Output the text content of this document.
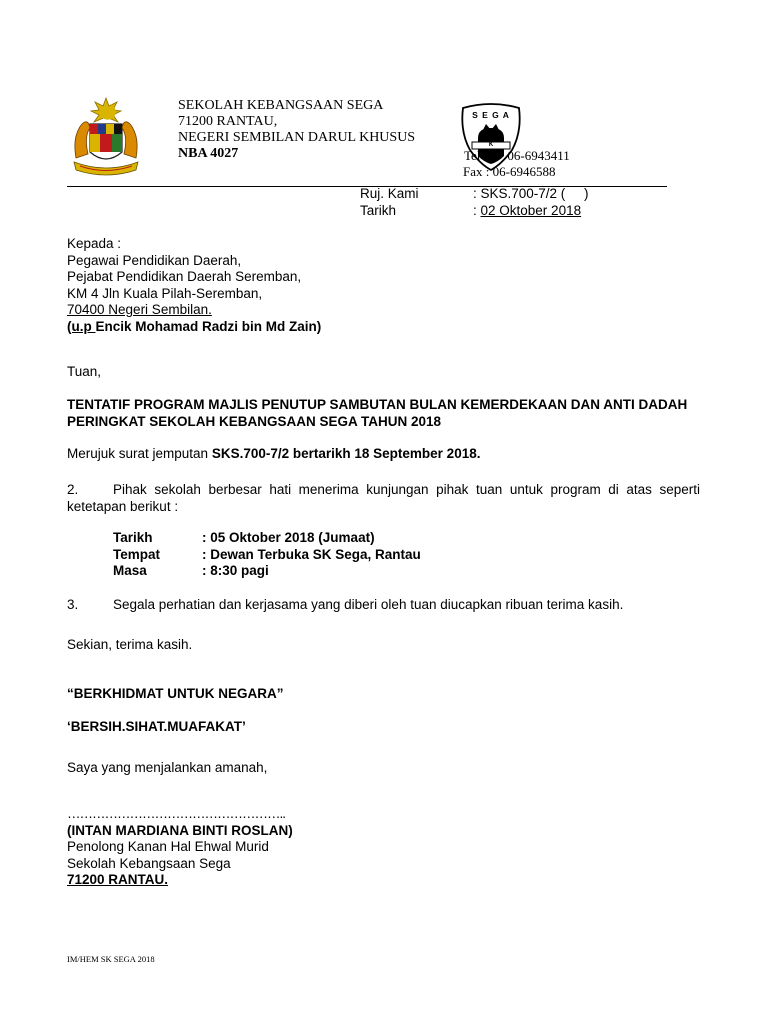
SEKOLAH KEBANGSAAN SEGA
71200 RANTAU,
NEGERI SEMBILAN DARUL KHUSUS
NBA 4027
S E G A
K
Tel 06-6943411
Fax : 06-6946588
Ruj. Kami	: SKS.700-7/2 (     )
Tarikh	: 02 Oktober 2018
Kepada :
Pegawai Pendidikan Daerah,
Pejabat Pendidikan Daerah Seremban,
KM 4 Jln Kuala Pilah-Seremban,
70400 Negeri Sembilan.
(u.p Encik Mohamad Radzi bin Md Zain)
Tuan,
TENTATIF PROGRAM MAJLIS PENUTUP SAMBUTAN BULAN KEMERDEKAAN DAN ANTI DADAH PERINGKAT SEKOLAH KEBANGSAAN SEGA TAHUN 2018
Merujuk surat jemputan SKS.700-7/2 bertarikh 18 September 2018.
2.	Pihak sekolah berbesar hati menerima kunjungan pihak tuan untuk program di atas seperti ketetapan berikut :
Tarikh	: 05 Oktober 2018 (Jumaat)
Tempat	: Dewan Terbuka SK Sega, Rantau
Masa	: 8:30 pagi
3.	Segala perhatian dan kerjasama yang diberi oleh tuan diucapkan ribuan terima kasih.
Sekian, terima kasih.
“BERKHIDMAT UNTUK NEGARA”
‘BERSIH.SIHAT.MUAFAKAT’
Saya yang menjalankan amanah,
……………………………………………..
(INTAN MARDIANA BINTI ROSLAN)
Penolong Kanan Hal Ehwal Murid
Sekolah Kebangsaan Sega
71200 RANTAU.
IM/HEM SK SEGA 2018
